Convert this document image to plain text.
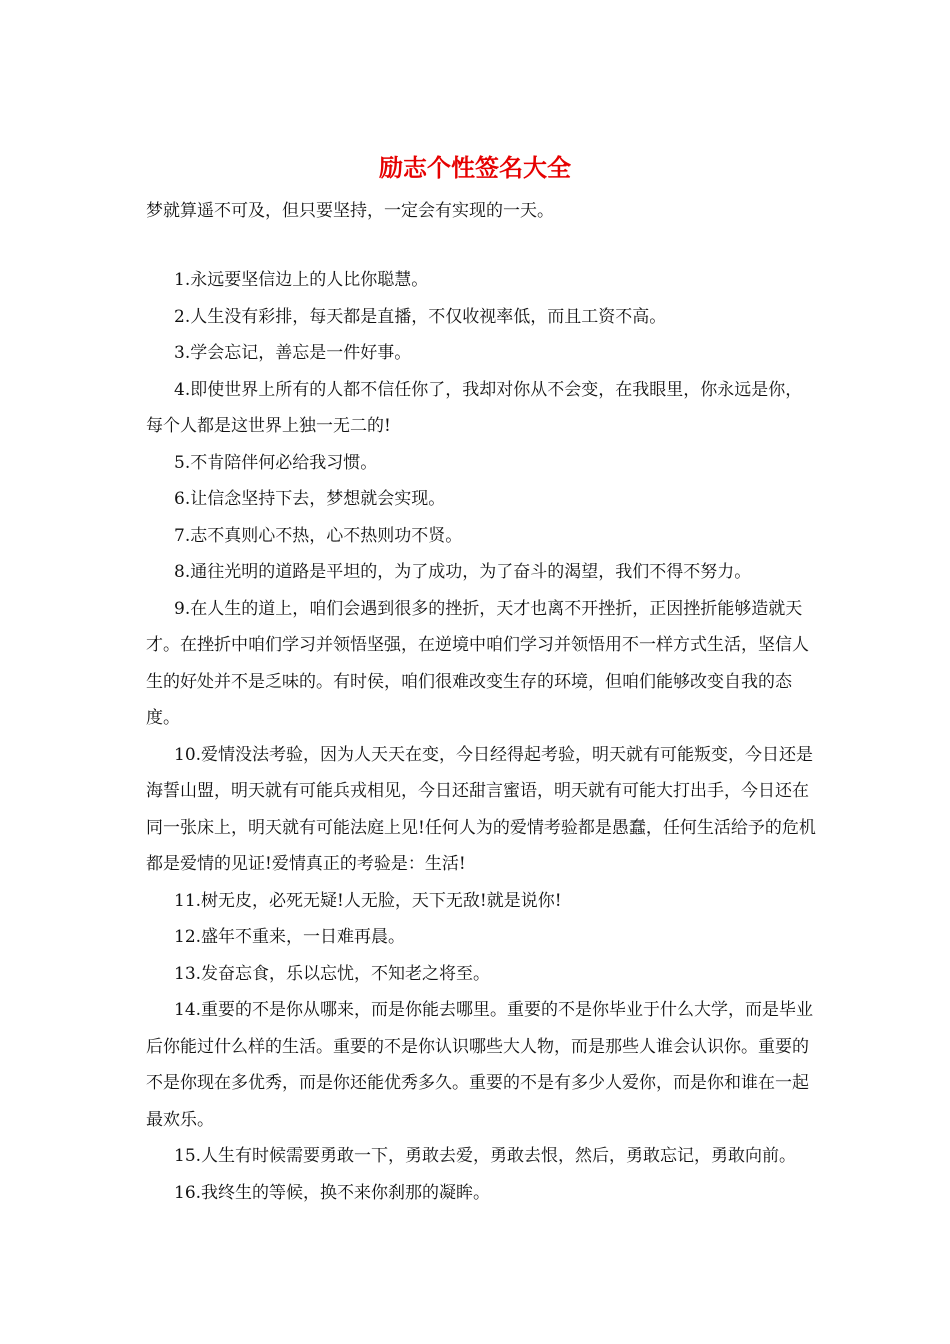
励志个性签名大全

梦就算遥不可及，但只要坚持，一定会有实现的一天。

1.永远要坚信边上的人比你聪慧。

2.人生没有彩排，每天都是直播，不仅收视率低，而且工资不高。

3.学会忘记，善忘是一件好事。

4.即使世界上所有的人都不信任你了，我却对你从不会变，在我眼里，你永远是你，每个人都是这世界上独一无二的!

5.不肯陪伴何必给我习惯。

6.让信念坚持下去，梦想就会实现。

7.志不真则心不热，心不热则功不贤。

8.通往光明的道路是平坦的，为了成功，为了奋斗的渴望，我们不得不努力。

9.在人生的道上，咱们会遇到很多的挫折，天才也离不开挫折，正因挫折能够造就天才。在挫折中咱们学习并领悟坚强，在逆境中咱们学习并领悟用不一样方式生活，坚信人生的好处并不是乏味的。有时侯，咱们很难改变生存的环境，但咱们能够改变自我的态度。

10.爱情没法考验，因为人天天在变，今日经得起考验，明天就有可能叛变，今日还是海誓山盟，明天就有可能兵戎相见，今日还甜言蜜语，明天就有可能大打出手，今日还在同一张床上，明天就有可能法庭上见!任何人为的爱情考验都是愚蠢，任何生活给予的危机都是爱情的见证!爱情真正的考验是：生活!

11.树无皮，必死无疑!人无脸，天下无敌!就是说你!

12.盛年不重来，一日难再晨。

13.发奋忘食，乐以忘忧，不知老之将至。

14.重要的不是你从哪来，而是你能去哪里。重要的不是你毕业于什么大学，而是毕业后你能过什么样的生活。重要的不是你认识哪些大人物，而是那些人谁会认识你。重要的不是你现在多优秀，而是你还能优秀多久。重要的不是有多少人爱你，而是你和谁在一起最欢乐。

15.人生有时候需要勇敢一下，勇敢去爱，勇敢去恨，然后，勇敢忘记，勇敢向前。

16.我终生的等候，换不来你刹那的凝眸。
